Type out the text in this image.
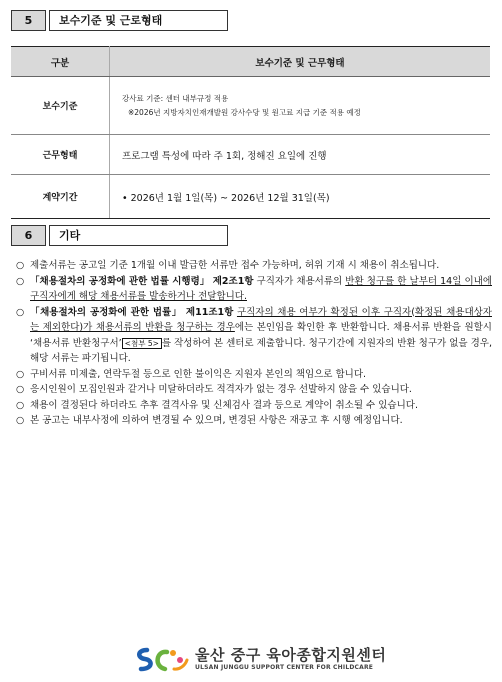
5	보수기준 및 근로형태
구분	보수기준 및 근무형태
보수기준	강사료 기준: 센터 내부규정 적용
※2026년 지방자치인재개발원 강사수당 및 원고료 지급 기준 적용 예정

근무형태	프로그램 특성에 따라 주 1회, 정해진 요일에 진행
계약기간	• 2026년 1월 1일(목) ~ 2026년 12월 31일(목)
6	기타
○ 제출서류는 공고일 기준 1개월 이내 발급한 서류만 접수 가능하며, 허위 기재 시 채용이 취소됩니다.
○ 「채용절차의 공정화에 관한 법률 시행령」 제2조1항 구직자가 채용서류의 반환 청구를 한 날부터 14일 이내에 구직자에게 해당 채용서류를 발송하거나 전달합니다.
○ 「채용절차의 공정화에 관한 법률」 제11조1항 구직자의 채용 여부가 확정된 이후 구직자(확정된 채용대상자는 제외한다)가 채용서류의 반환을 청구하는 경우에는 본인임을 확인한 후 반환합니다. 채용서류 반환을 원할시 ‘채용서류 반환청구서’ <첨부 5> 를 작성하여 본 센터로 제출합니다. 청구기간에 지원자의 반환 청구가 없을 경우, 해당 서류는 파기됩니다.
○ 구비서류 미제출, 연락두절 등으로 인한 불이익은 지원자 본인의 책임으로 합니다.
○ 응시인원이 모집인원과 같거나 미달하더라도 적격자가 없는 경우 선발하지 않을 수 있습니다.
○ 채용이 결정된다 하더라도 추후 결격사유 및 신체검사 결과 등으로 계약이 취소될 수 있습니다.
○ 본 공고는 내부사정에 의하여 변경될 수 있으며, 변경된 사항은 재공고 후 시행 예정입니다.
울산 중구 육아종합지원센터
ULSAN JUNGGU SUPPORT CENTER FOR CHILDCARE
